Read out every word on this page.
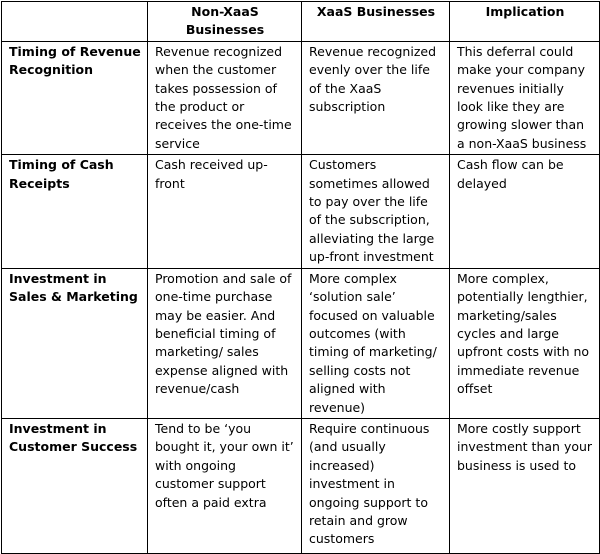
	Non-XaaS Businesses	XaaS Businesses	Implication
Timing of Revenue Recognition	Revenue recognized when the customer takes possession of the product or receives the one-time service	Revenue recognized evenly over the life of the XaaS subscription	This deferral could make your company revenues initially look like they are growing slower than a non-XaaS business
Timing of Cash Receipts	Cash received up-front	Customers sometimes allowed to pay over the life of the subscription, alleviating the large up-front investment	Cash flow can be delayed
Investment in Sales & Marketing	Promotion and sale of one-time purchase may be easier. And beneficial timing of marketing/ sales expense aligned with revenue/cash	More complex ‘solution sale’ focused on valuable outcomes (with timing of marketing/ selling costs not aligned with revenue)	More complex, potentially lengthier, marketing/sales cycles and large upfront costs with no immediate revenue offset
Investment in Customer Success	Tend to be ‘you bought it, your own it’ with ongoing customer support often a paid extra	Require continuous (and usually increased) investment in ongoing support to retain and grow customers	More costly support investment than your business is used to
